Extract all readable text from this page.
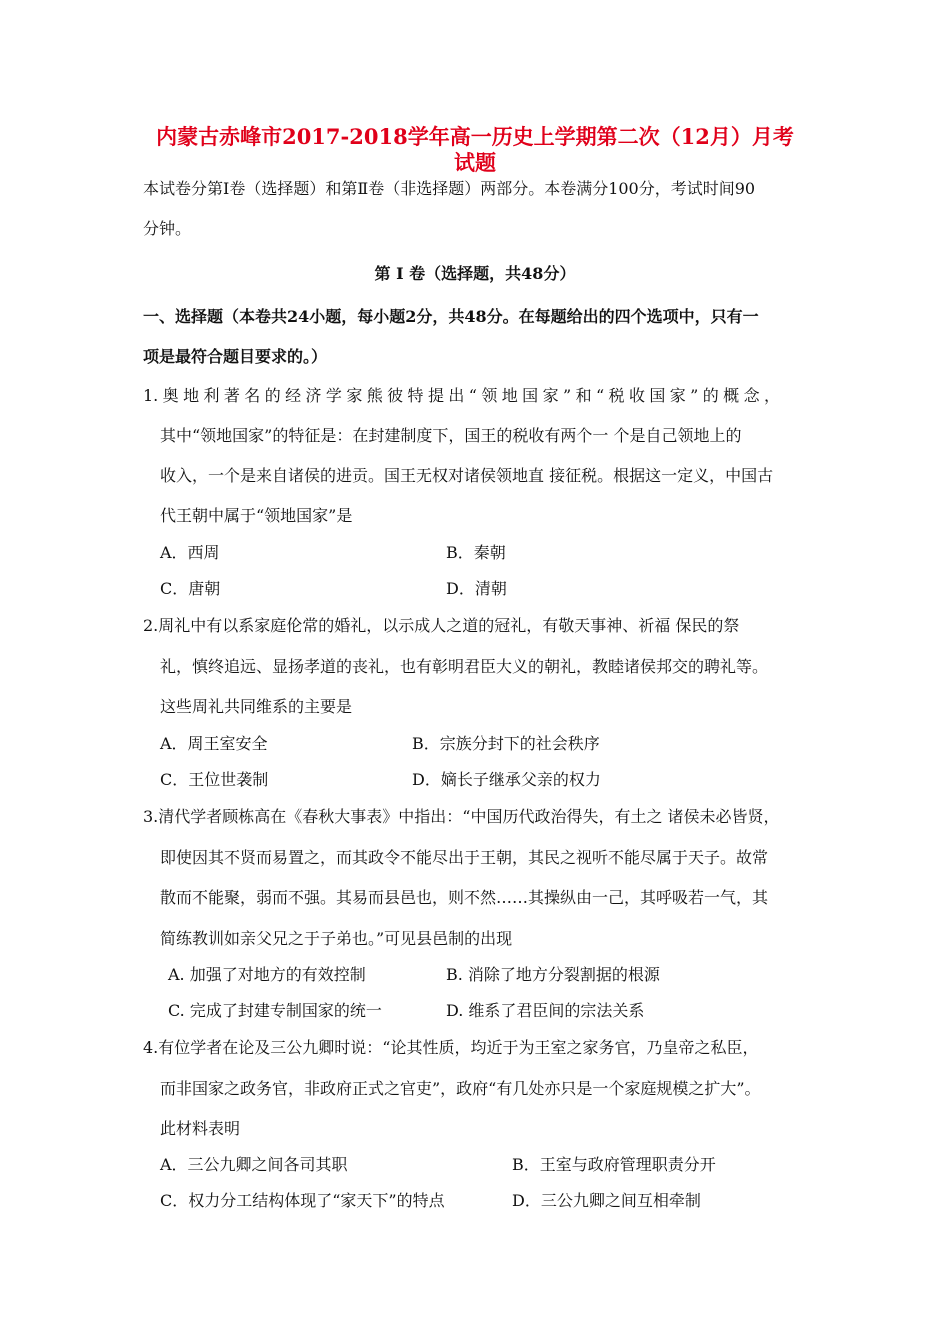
内蒙古赤峰市2017-2018学年高一历史上学期第二次（12月）月考
试题
本试卷分第Ⅰ卷（选择题）和第Ⅱ卷（非选择题）两部分。本卷满分100分，考试时间90
分钟。
第 Ⅰ 卷（选择题，共48分）
一、选择题（本卷共24小题，每小题2分，共48分。在每题给出的四个选项中，只有一
项是最符合题目要求的。）
1.奥地利著名的经济学家熊彼特提出“领地国家”和“税收国家”的概念，
其中“领地国家”的特征是：在封建制度下，国王的税收有两个一 个是自己领地上的
收入，一个是来自诸侯的进贡。国王无权对诸侯领地直 接征税。根据这一定义，中国古
代王朝中属于“领地国家”是
A．西周	B．秦朝
C．唐朝	D．清朝
2.周礼中有以系家庭伦常的婚礼，以示成人之道的冠礼，有敬天事神、祈福 保民的祭
礼，慎终追远、显扬孝道的丧礼，也有彰明君臣大义的朝礼，教睦诸侯邦交的聘礼等。
这些周礼共同维系的主要是
A．周王室安全	B．宗族分封下的社会秩序
C．王位世袭制	D．嫡长子继承父亲的权力
3.清代学者顾栋高在《春秋大事表》中指出：“中国历代政治得失，有土之 诸侯未必皆贤，
即使因其不贤而易置之，而其政令不能尽出于王朝，其民之视听不能尽属于天子。故常
散而不能聚，弱而不强。其易而县邑也，则不然……其操纵由一己，其呼吸若一气，其
简练教训如亲父兄之于子弟也。”可见县邑制的出现
A. 加强了对地方的有效控制	B. 消除了地方分裂割据的根源
C. 完成了封建专制国家的统一	D. 维系了君臣间的宗法关系
4.有位学者在论及三公九卿时说：“论其性质，均近于为王室之家务官，乃皇帝之私臣，
而非国家之政务官，非政府正式之官吏”，政府“有几处亦只是一个家庭规模之扩大”。
此材料表明
A．三公九卿之间各司其职	B．王室与政府管理职责分开
C．权力分工结构体现了“家天下”的特点	D．三公九卿之间互相牵制
